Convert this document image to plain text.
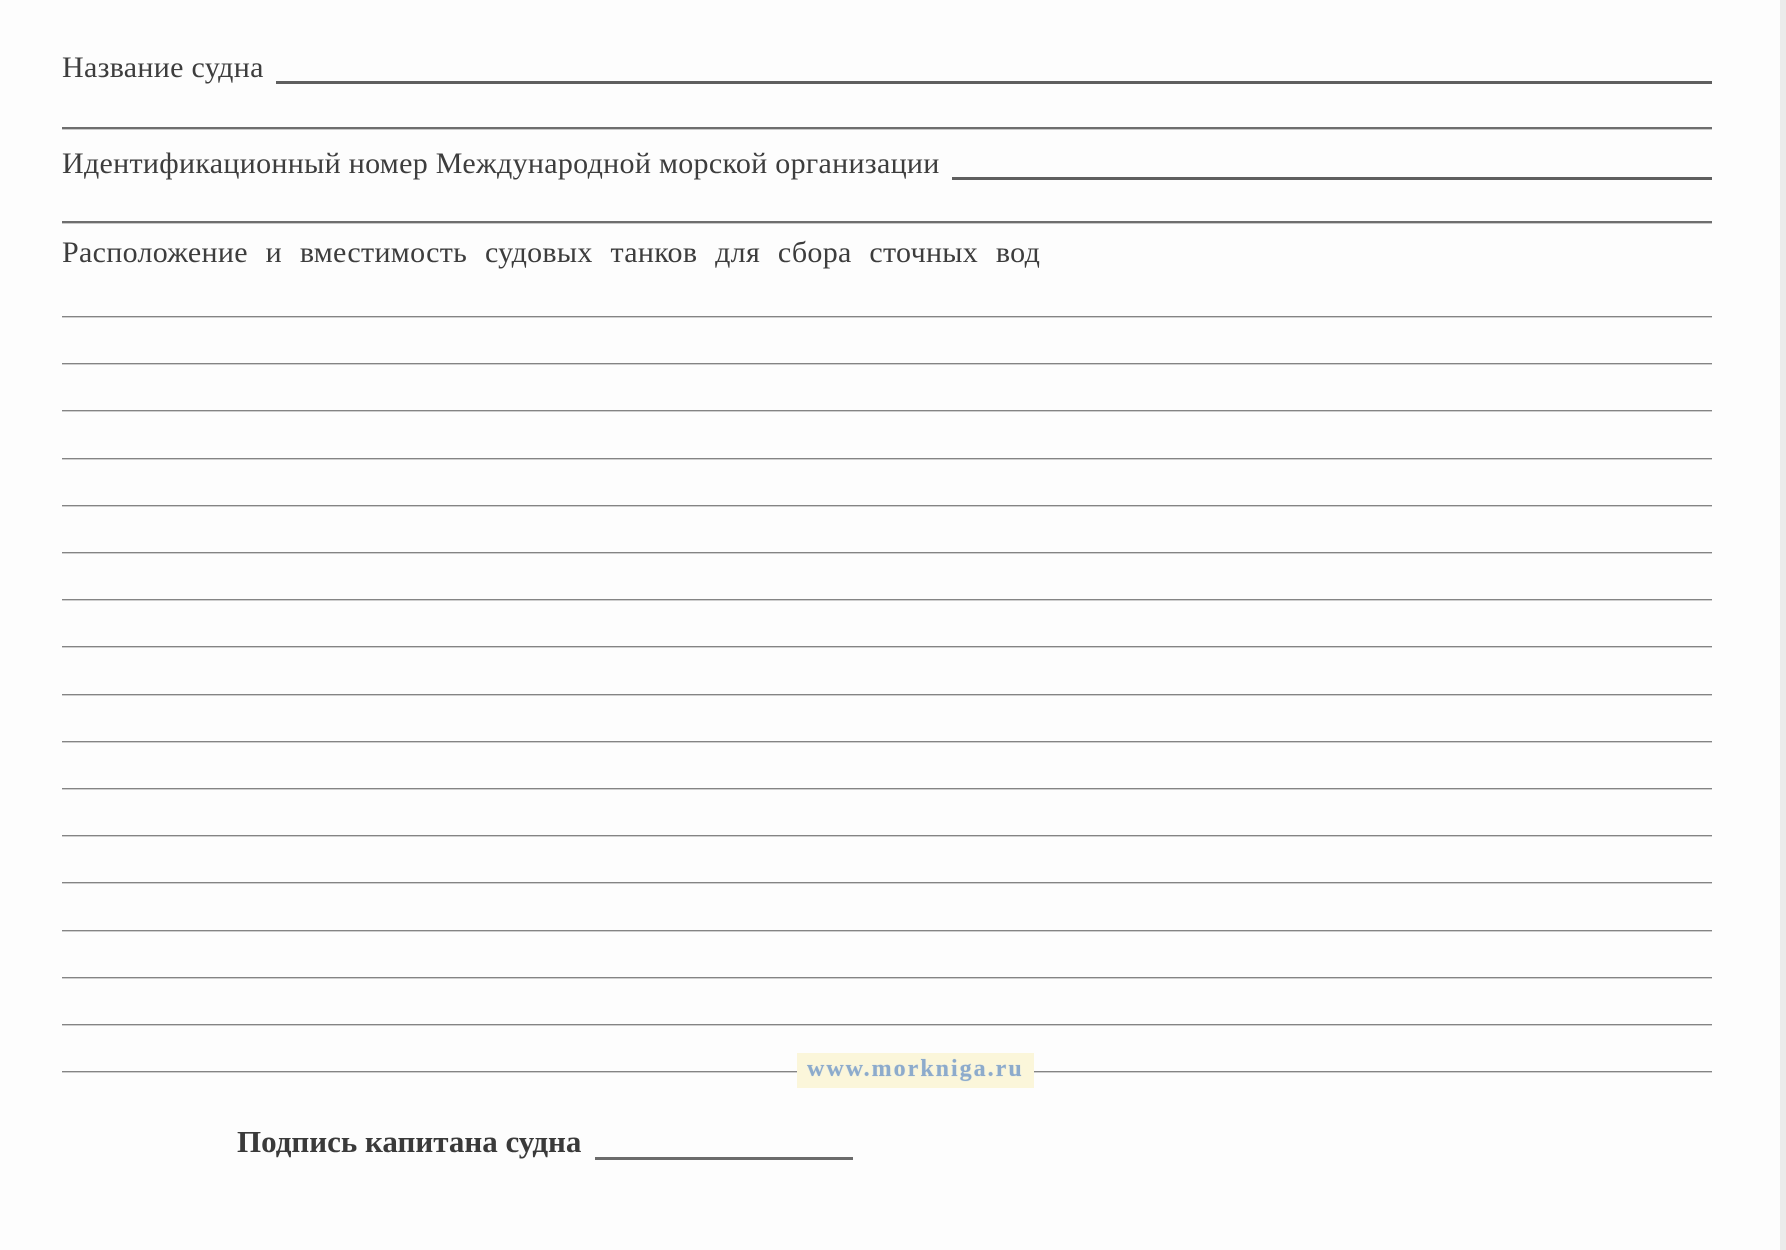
Название судна
Идентификационный номер Международной морской организации
Расположение и вместимость судовых танков для сбора сточных вод
www.morkniga.ru
Подпись капитана судна
